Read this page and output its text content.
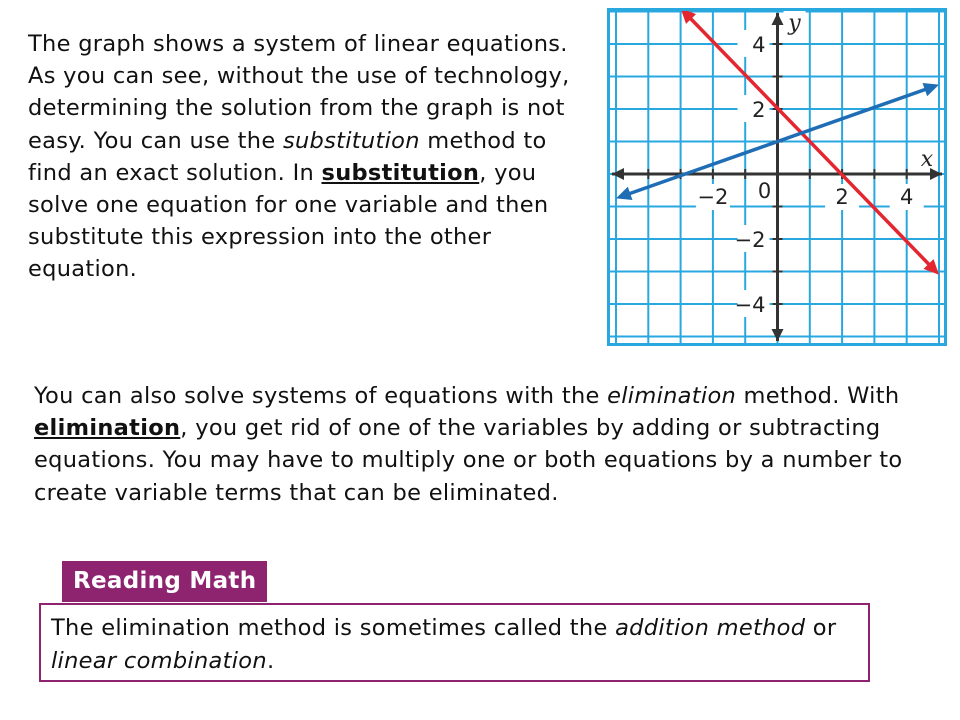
The graph shows a system of linear equations. As you can see, without the use of technology, determining the solution from the graph is not easy. You can use the substitution method to find an exact solution. In substitution, you solve one equation for one variable and then substitute this expression into the other equation.

−2	2 4
4
2
−2
−4
0
y
x

You can also solve systems of equations with the elimination method. With elimination, you get rid of one of the variables by adding or subtracting equations. You may have to multiply one or both equations by a number to create variable terms that can be eliminated.

Reading Math

The elimination method is sometimes called the addition method or linear combination.
